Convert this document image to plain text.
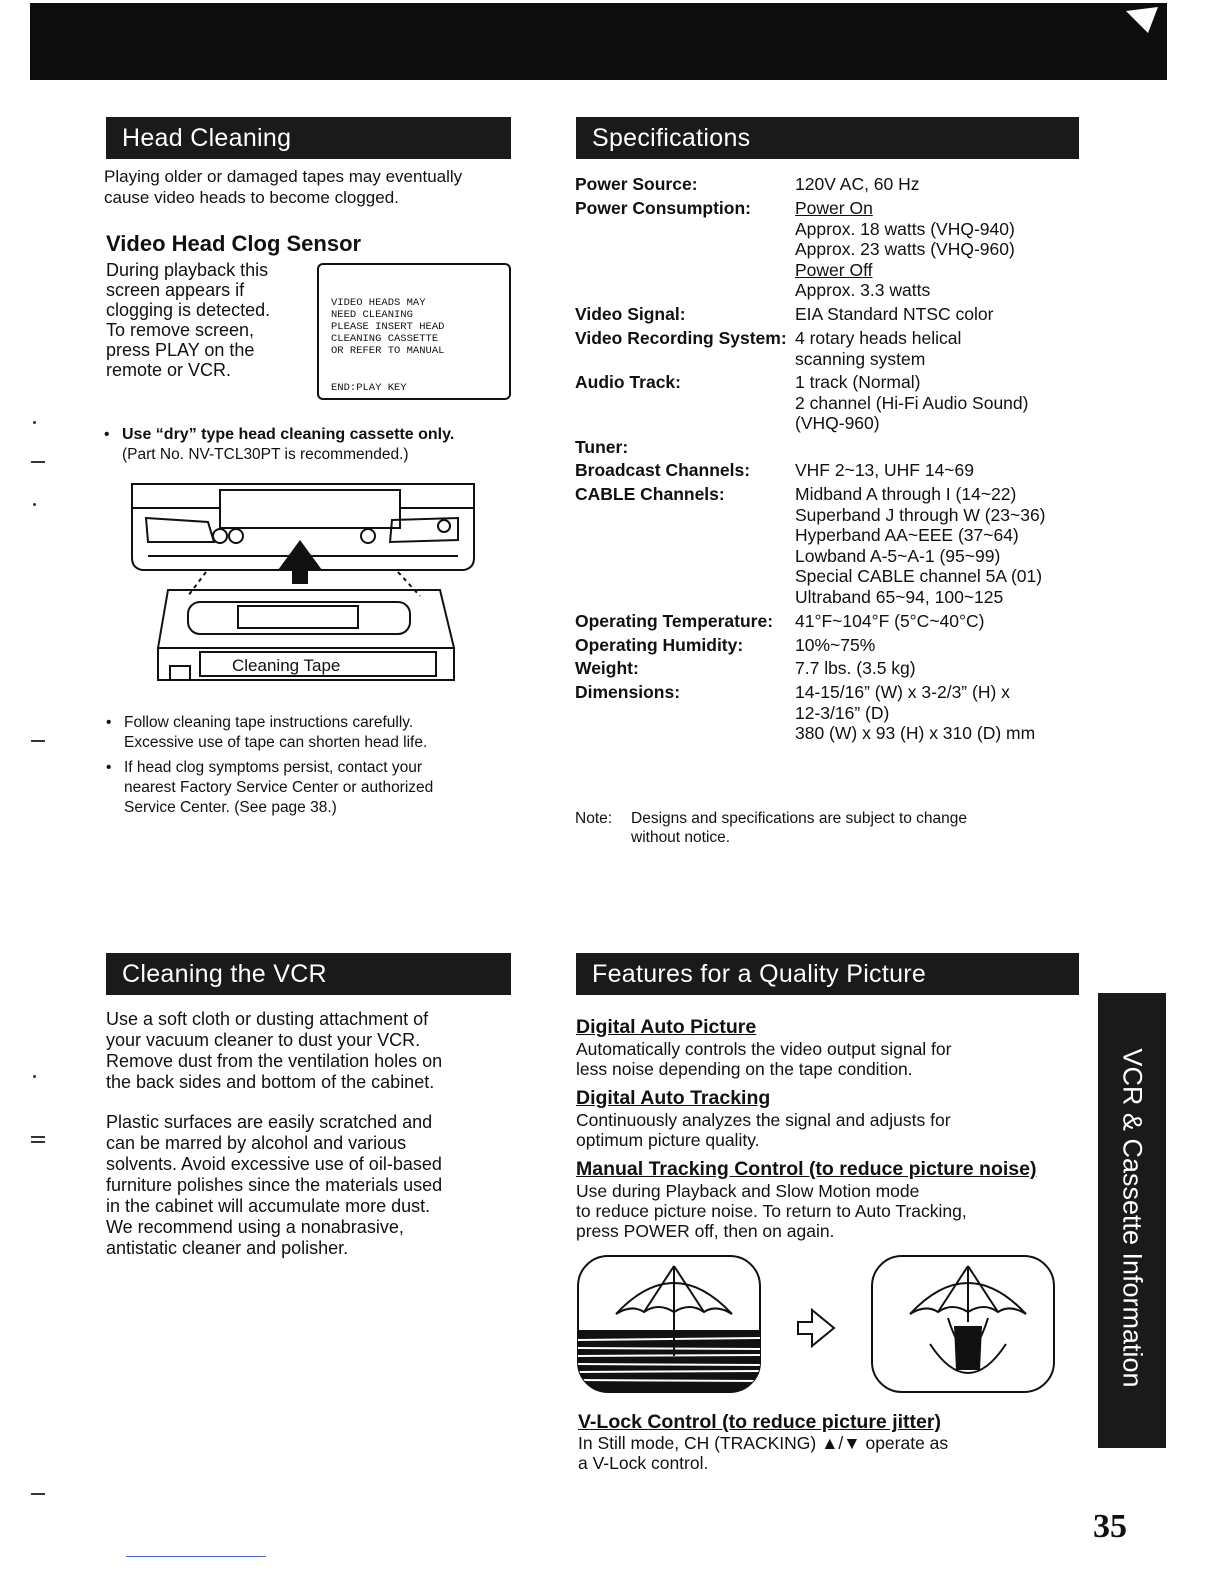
Head Cleaning
Playing older or damaged tapes may eventually
cause video heads to become clogged.
Video Head Clog Sensor
During playback this
screen appears if
clogging is detected.
To remove screen,
press PLAY on the
remote or VCR.
VIDEO HEADS MAY
NEED CLEANING
PLEASE INSERT HEAD
CLEANING CASSETTE
OR REFER TO MANUAL
END:PLAY KEY
• Use “dry” type head cleaning cassette only.
(Part No. NV-TCL30PT is recommended.)
Cleaning Tape
• Follow cleaning tape instructions carefully.
Excessive use of tape can shorten head life.
• If head clog symptoms persist, contact your
nearest Factory Service Center or authorized
Service Center. (See page 38.)
Specifications
Power Source:	120V AC, 60 Hz
Power Consumption:	Power On
Approx. 18 watts (VHQ-940)
Approx. 23 watts (VHQ-960)
Power Off
Approx. 3.3 watts
Video Signal:	EIA Standard NTSC color
Video Recording System: 4 rotary heads helical
scanning system
Audio Track:	1 track (Normal)
2 channel (Hi-Fi Audio Sound)
(VHQ-960)
Tuner:
Broadcast Channels:	VHF 2~13, UHF 14~69
CABLE Channels:	Midband A through I (14~22)
Superband J through W (23~36)
Hyperband AA~EEE (37~64)
Lowband A-5~A-1 (95~99)
Special CABLE channel 5A (01)
Ultraband 65~94, 100~125
Operating Temperature: 41°F~104°F (5°C~40°C)
Operating Humidity:	10%~75%
Weight:	7.7 lbs. (3.5 kg)
Dimensions:	14-15/16” (W) x 3-2/3” (H) x
12-3/16” (D)
380 (W) x 93 (H) x 310 (D) mm
Note: Designs and specifications are subject to change
without notice.
Cleaning the VCR
Use a soft cloth or dusting attachment of
your vacuum cleaner to dust your VCR.
Remove dust from the ventilation holes on
the back sides and bottom of the cabinet.
Plastic surfaces are easily scratched and
can be marred by alcohol and various
solvents. Avoid excessive use of oil-based
furniture polishes since the materials used
in the cabinet will accumulate more dust.
We recommend using a nonabrasive,
antistatic cleaner and polisher.
Features for a Quality Picture
Digital Auto Picture
Automatically controls the video output signal for
less noise depending on the tape condition.
Digital Auto Tracking
Continuously analyzes the signal and adjusts for
optimum picture quality.
Manual Tracking Control (to reduce picture noise)
Use during Playback and Slow Motion mode
to reduce picture noise. To return to Auto Tracking,
press POWER off, then on again.
V-Lock Control (to reduce picture jitter)
In Still mode, CH (TRACKING) ▲/▼ operate as
a V-Lock control.
VCR & Cassette Information
35
